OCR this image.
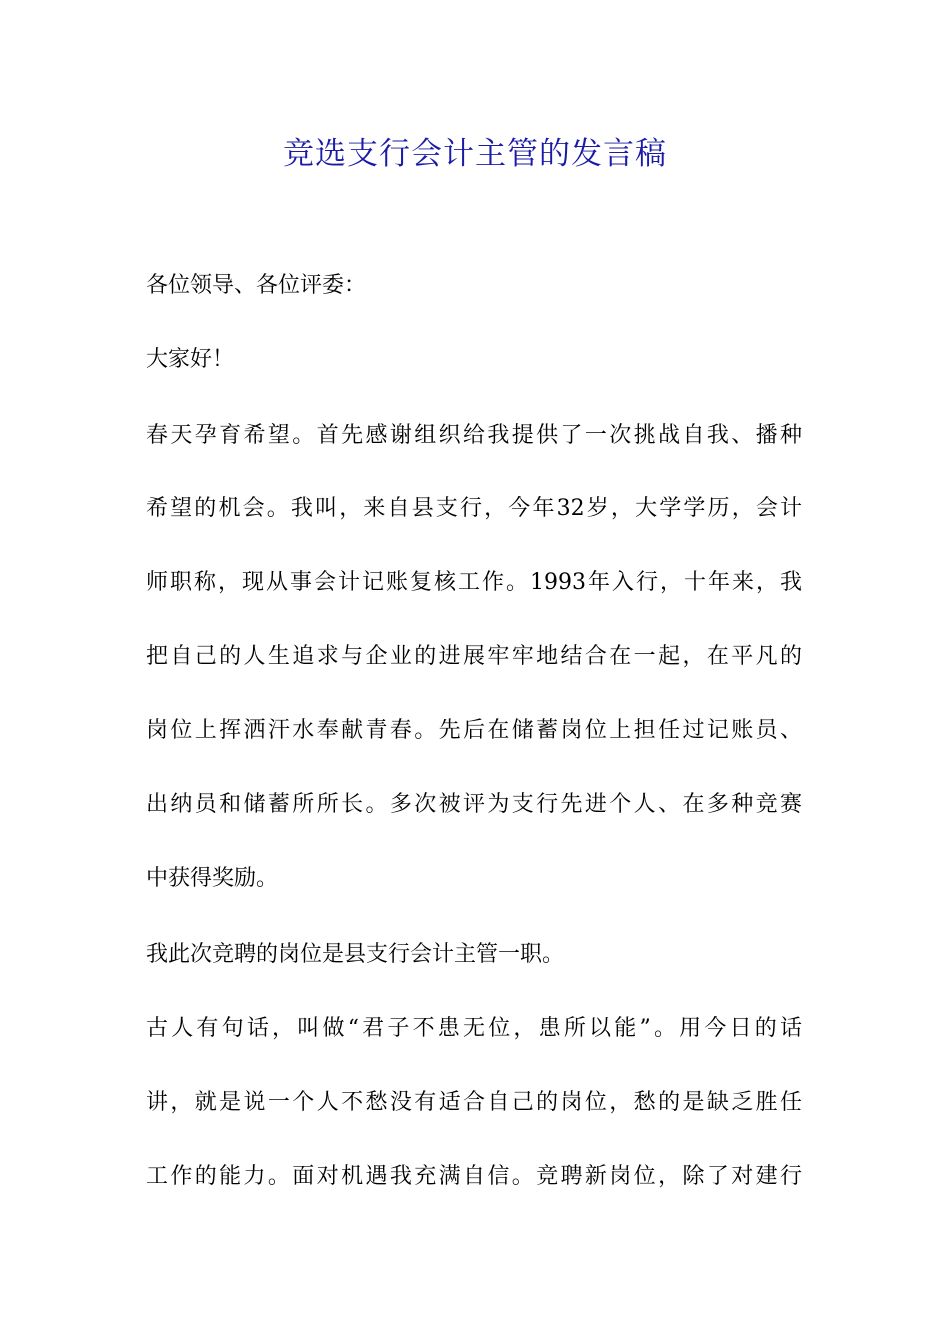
竞选支行会计主管的发言稿

各位领导、各位评委：

大家好！

春天孕育希望。首先感谢组织给我提供了一次挑战自我、播种

希望的机会。我叫，来自县支行，今年32岁，大学学历，会计

师职称，现从事会计记账复核工作。1993年入行，十年来，我

把自己的人生追求与企业的进展牢牢地结合在一起，在平凡的

岗位上挥洒汗水奉献青春。先后在储蓄岗位上担任过记账员、

出纳员和储蓄所所长。多次被评为支行先进个人、在多种竞赛

中获得奖励。

我此次竞聘的岗位是县支行会计主管一职。

古人有句话，叫做“君子不患无位，患所以能”。用今日的话

讲，就是说一个人不愁没有适合自己的岗位，愁的是缺乏胜任

工作的能力。面对机遇我充满自信。竞聘新岗位，除了对建行
